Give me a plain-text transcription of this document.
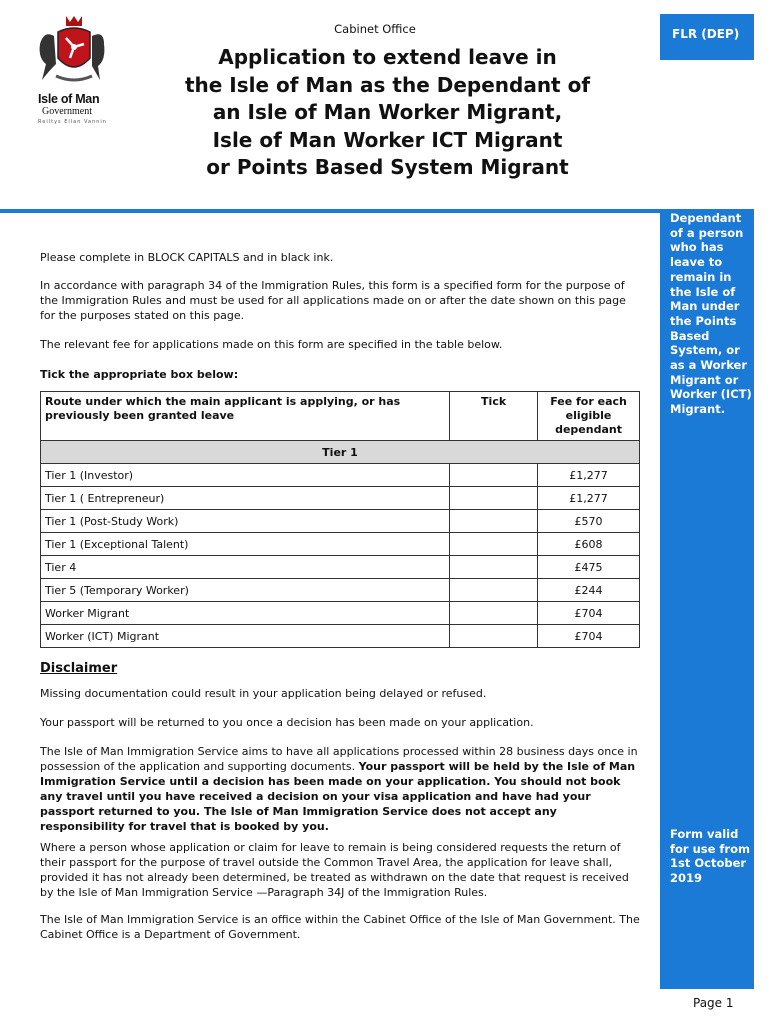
Isle of Man
Government
Reiltys Ellan Vannin
Cabinet Office
Application to extend leave in
the Isle of Man as the Dependant of
an Isle of Man Worker Migrant,
Isle of Man Worker ICT Migrant
or Points Based System Migrant
FLR (DEP)
Dependant of a person who has leave to remain in the Isle of Man under the Points Based System, or as a Worker Migrant or Worker (ICT) Migrant.
Form valid for use from 1st October 2019
Please complete in BLOCK CAPITALS and in black ink.
In accordance with paragraph 34 of the Immigration Rules, this form is a specified form for the purpose of the Immigration Rules and must be used for all applications made on or after the date shown on this page for the purposes stated on this page.
The relevant fee for applications made on this form are specified in the table below.
Tick the appropriate box below:
Route under which the main applicant is applying, or has previously been granted leave	Tick	Fee for each eligible dependant
Tier 1		
Tier 1 (Investor)		£1,277
Tier 1 ( Entrepreneur)		£1,277
Tier 1 (Post-Study Work)		£570
Tier 1 (Exceptional Talent)		£608
Tier 4		£475
Tier 5 (Temporary Worker)		£244
Worker Migrant		£704
Worker (ICT) Migrant		£704
Disclaimer
Missing documentation could result in your application being delayed or refused.
Your passport will be returned to you once a decision has been made on your application.
The Isle of Man Immigration Service aims to have all applications processed within 28 business days once in possession of the application and supporting documents. Your passport will be held by the Isle of Man Immigration Service until a decision has been made on your application. You should not book any travel until you have received a decision on your visa application and have had your passport returned to you. The Isle of Man Immigration Service does not accept any responsibility for travel that is booked by you.
Where a person whose application or claim for leave to remain is being considered requests the return of their passport for the purpose of travel outside the Common Travel Area, the application for leave shall, provided it has not already been determined, be treated as withdrawn on the date that request is received by the Isle of Man Immigration Service —Paragraph 34J of the Immigration Rules.
The Isle of Man Immigration Service is an office within the Cabinet Office of the Isle of Man Government. The Cabinet Office is a Department of Government.
Page 1
